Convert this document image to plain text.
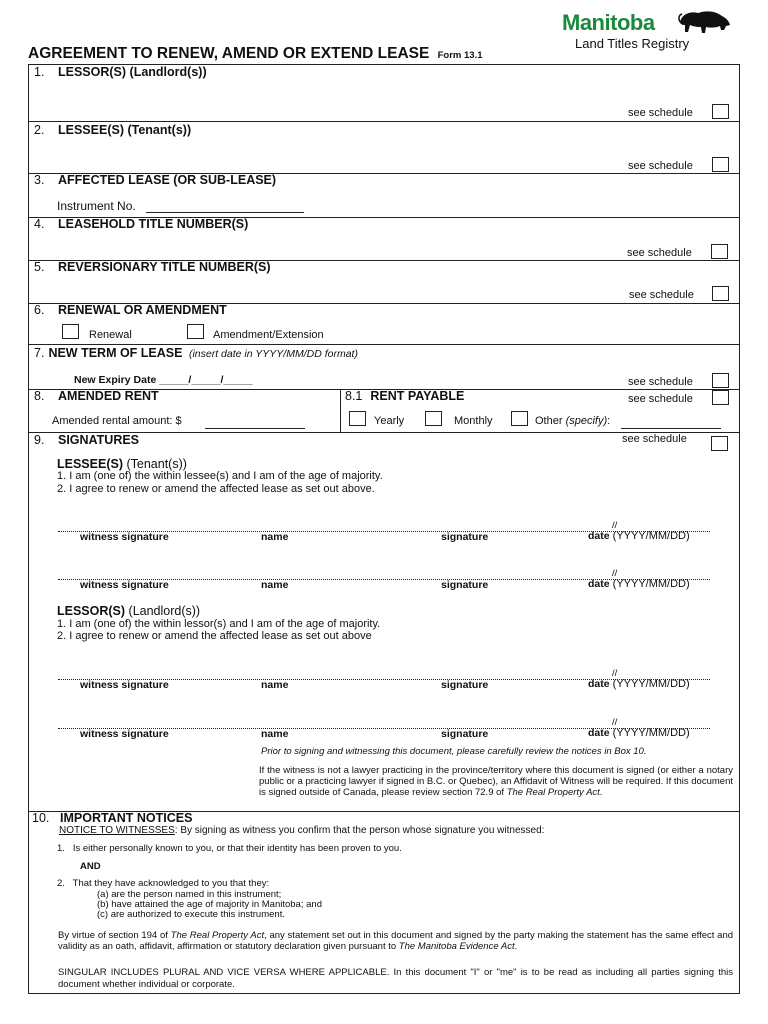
Manitoba
Land Titles Registry
AGREEMENT TO RENEW, AMEND OR EXTEND LEASE Form 13.1
1. LESSOR(S) (Landlord(s))
see schedule
2. LESSEE(S) (Tenant(s))
see schedule
3. AFFECTED LEASE (OR SUB-LEASE)
Instrument No.
4. LEASEHOLD TITLE NUMBER(S)
see schedule
5. REVERSIONARY TITLE NUMBER(S)
see schedule
6. RENEWAL OR AMENDMENT
Renewal	Amendment/Extension
7. NEW TERM OF LEASE (insert date in YYYY/MM/DD format)
New Expiry Date _____/_____/_____	see schedule
8. AMENDED RENT
Amended rental amount: $
8.1 RENT PAYABLE	see schedule
Yearly	Monthly	Other (specify):
9. SIGNATURES	see schedule
LESSEE(S) (Tenant(s))
1. I am (one of) the within lessee(s) and I am of the age of majority.
2. I agree to renew or amend the affected lease as set out above.
//
witness signature	name	signature	date (YYYY/MM/DD)
//
witness signature	name	signature	date (YYYY/MM/DD)
LESSOR(S) (Landlord(s))
1. I am (one of) the within lessor(s) and I am of the age of majority.
2. I agree to renew or amend the affected lease as set out above
//
witness signature	name	signature	date (YYYY/MM/DD)
//
witness signature	name	signature	date (YYYY/MM/DD)
Prior to signing and witnessing this document, please carefully review the notices in Box 10.
If the witness is not a lawyer practicing in the province/territory where this document is signed (or either a notary public or a practicing lawyer if signed in B.C. or Quebec), an Affidavit of Witness will be required. If this document is signed outside of Canada, please review section 72.9 of The Real Property Act.
10. IMPORTANT NOTICES
NOTICE TO WITNESSES: By signing as witness you confirm that the person whose signature you witnessed:
1.   Is either personally known to you, or that their identity has been proven to you.
AND
2.   That they have acknowledged to you that they:
(a) are the person named in this instrument;
(b) have attained the age of majority in Manitoba; and
(c) are authorized to execute this instrument.
By virtue of section 194 of The Real Property Act, any statement set out in this document and signed by the party making the statement has the same effect and validity as an oath, affidavit, affirmation or statutory declaration given pursuant to The Manitoba Evidence Act.
SINGULAR INCLUDES PLURAL AND VICE VERSA WHERE APPLICABLE. In this document "I" or "me" is to be read as including all parties signing this document whether individual or corporate.
